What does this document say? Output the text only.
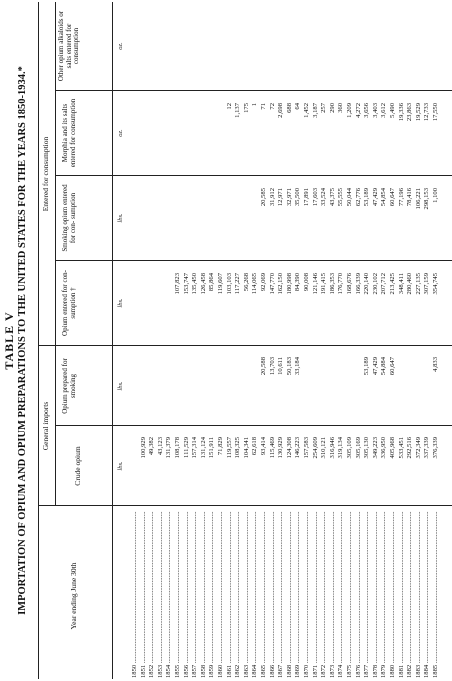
TABLE V IMPORTATION OF OPIUM AND OPIUM PREPARATIONS TO THE UNITED STATES FOR THE YEARS 1850-1934.* General imports
Entered for consumption
Year ending June 30th
Crude opium
Opium prepared for smoking
Opium entered for con- sumption †
Smoking opium entered for con- sumption
Morphia and its salts entered for consumption
Other opium alkaloids or salts entered for consumption
lbs.
lbs.
lbs.
lbs.
oz.
oz.
1850 ..... 1851 .....
100,929
1852 .....
49,382
1853 .....
43,123
1854 .....
131,379
1855 .....
108,178
107,823
1856 .....
111,529
153,747
1857 .....
157,314
135,450
1858 .....
131,124
126,458
1859 .....
151,911
85,864
1860 .....
71,829
119,607
1861 .....
119,557
103,103
12
1862 .....
108,325
117,227
1,137
1863 .....
104,341
56,268
175
1864 .....
62,618
114,065
1
1865 .....
93,414
20,588
92,069
20,585
71
1866 .....
115,469
13,703
147,770
31,912
72
1867 .....
130,929
10,611
162,150
12,971
2,698
1868 .....
124,308
50,183
180,998
32,971
688
1869 .....
146,223
33,184
84,390
35,500
64
1870 .....
157,583
90,008
17,891
1,452
1871 .....
254,609
121,146
17,603
3,187
1872 .....
310,121
191,415
33,524
257
1873 .....
316,946
186,353
43,375
290
1874 .....
319,134
176,770
55,555
360
1875 .....
305,109
168,676
50,044
1,209
1876 .....
305,169
166,339
62,776
4,272
1877 .....
305,130
53,189
220,140
53,189
3,656
1878 .....
349,223
47,429
230,102
47,429
3,403
1879 .....
336,950
54,884
207,712
54,854
3,612
1880 .....
405,968
60,647
213,425
60,647
5,490
1881 .....
533,451
348,411
77,196
19,336
1882 .....
292,516
280,460
78,416
23,863
1883 .....
372,349
227,135
106,221
19,529
1884 .....
337,339
307,159
298,153
12,733
1885 .....
376,339
4,833
354,745
1,100
17,550
